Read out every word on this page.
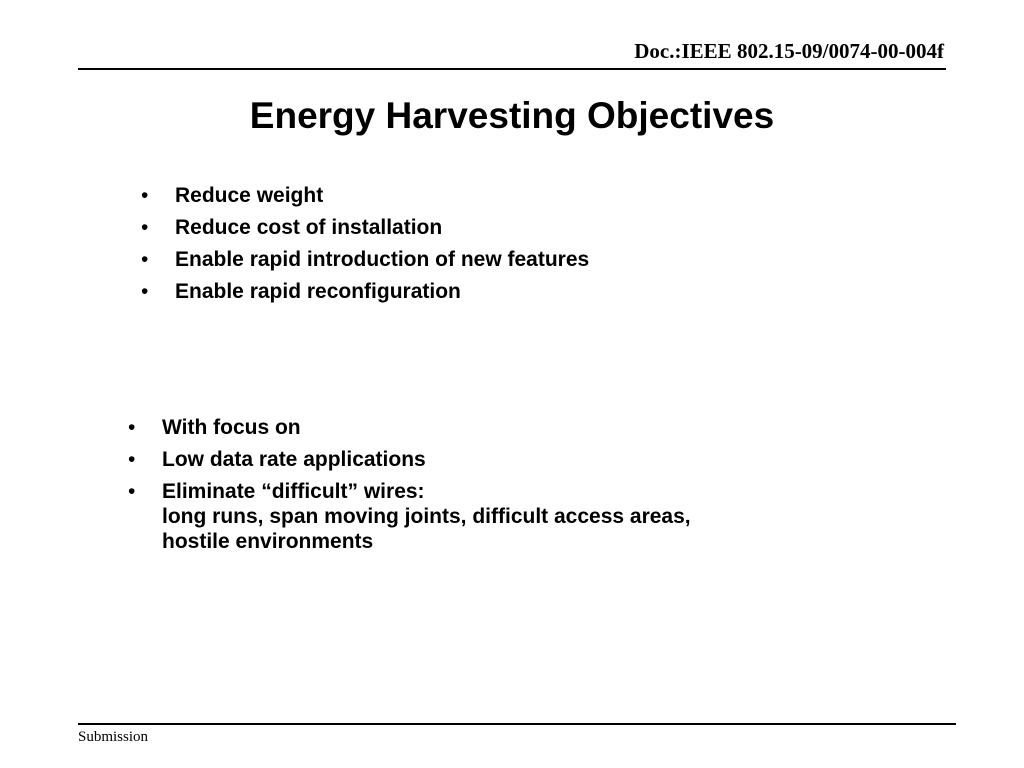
Doc.:IEEE 802.15-09/0074-00-004f
Energy Harvesting Objectives
• Reduce weight
• Reduce cost of installation
• Enable rapid introduction of new features
• Enable rapid reconfiguration
• With focus on
• Low data rate applications
• Eliminate “difficult” wires:
long runs, span moving joints, difficult access areas,
hostile environments
Submission
